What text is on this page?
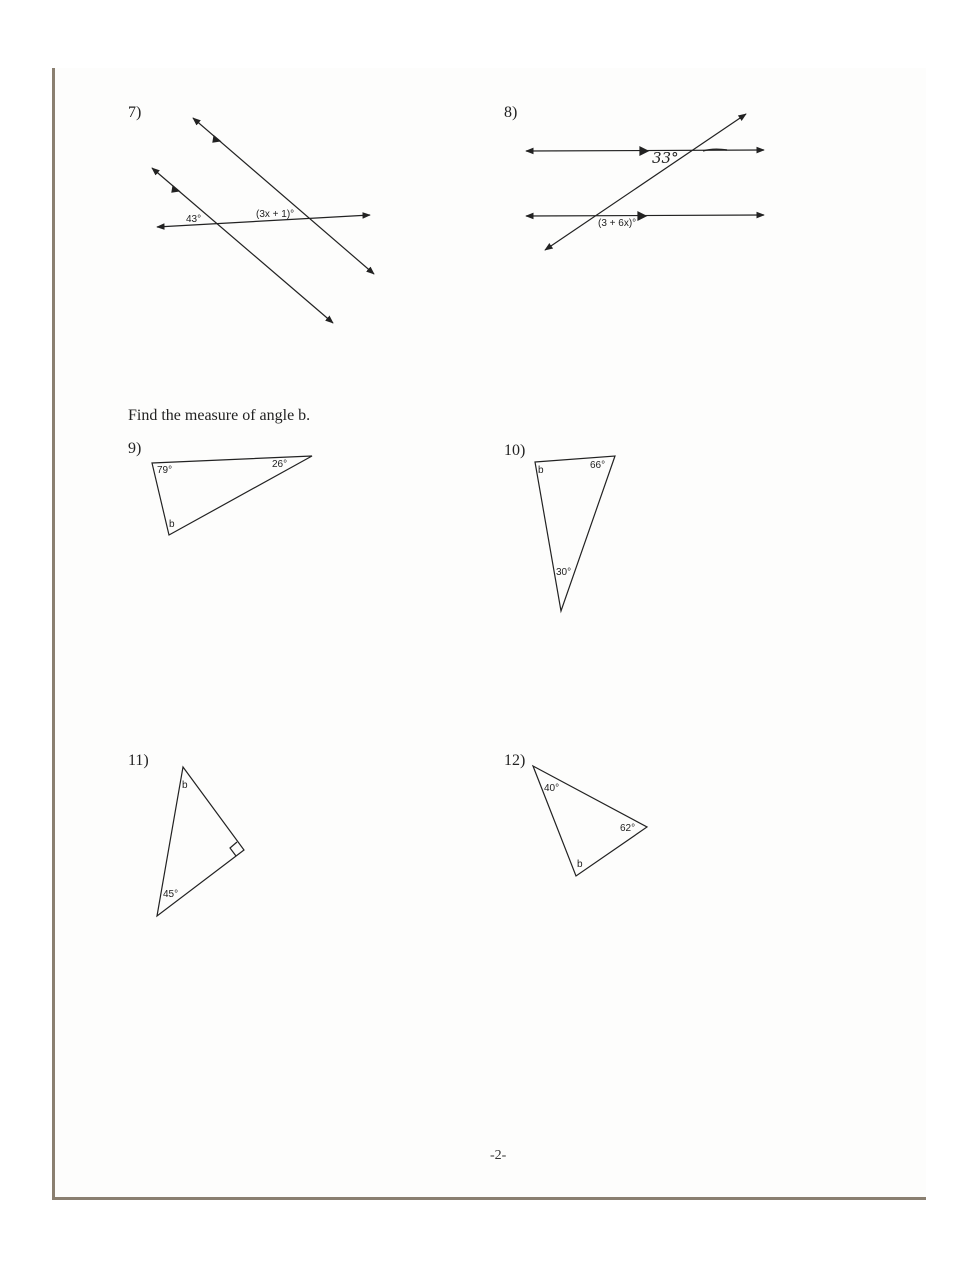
7)	8)
Find the measure of angle b.
9)	10)
11)	12)
-2-
43°	(3x + 1)°
33°
(3 + 6x)°
79°
26°
b
b	66°
30°
b
45°
40°
62°
b
